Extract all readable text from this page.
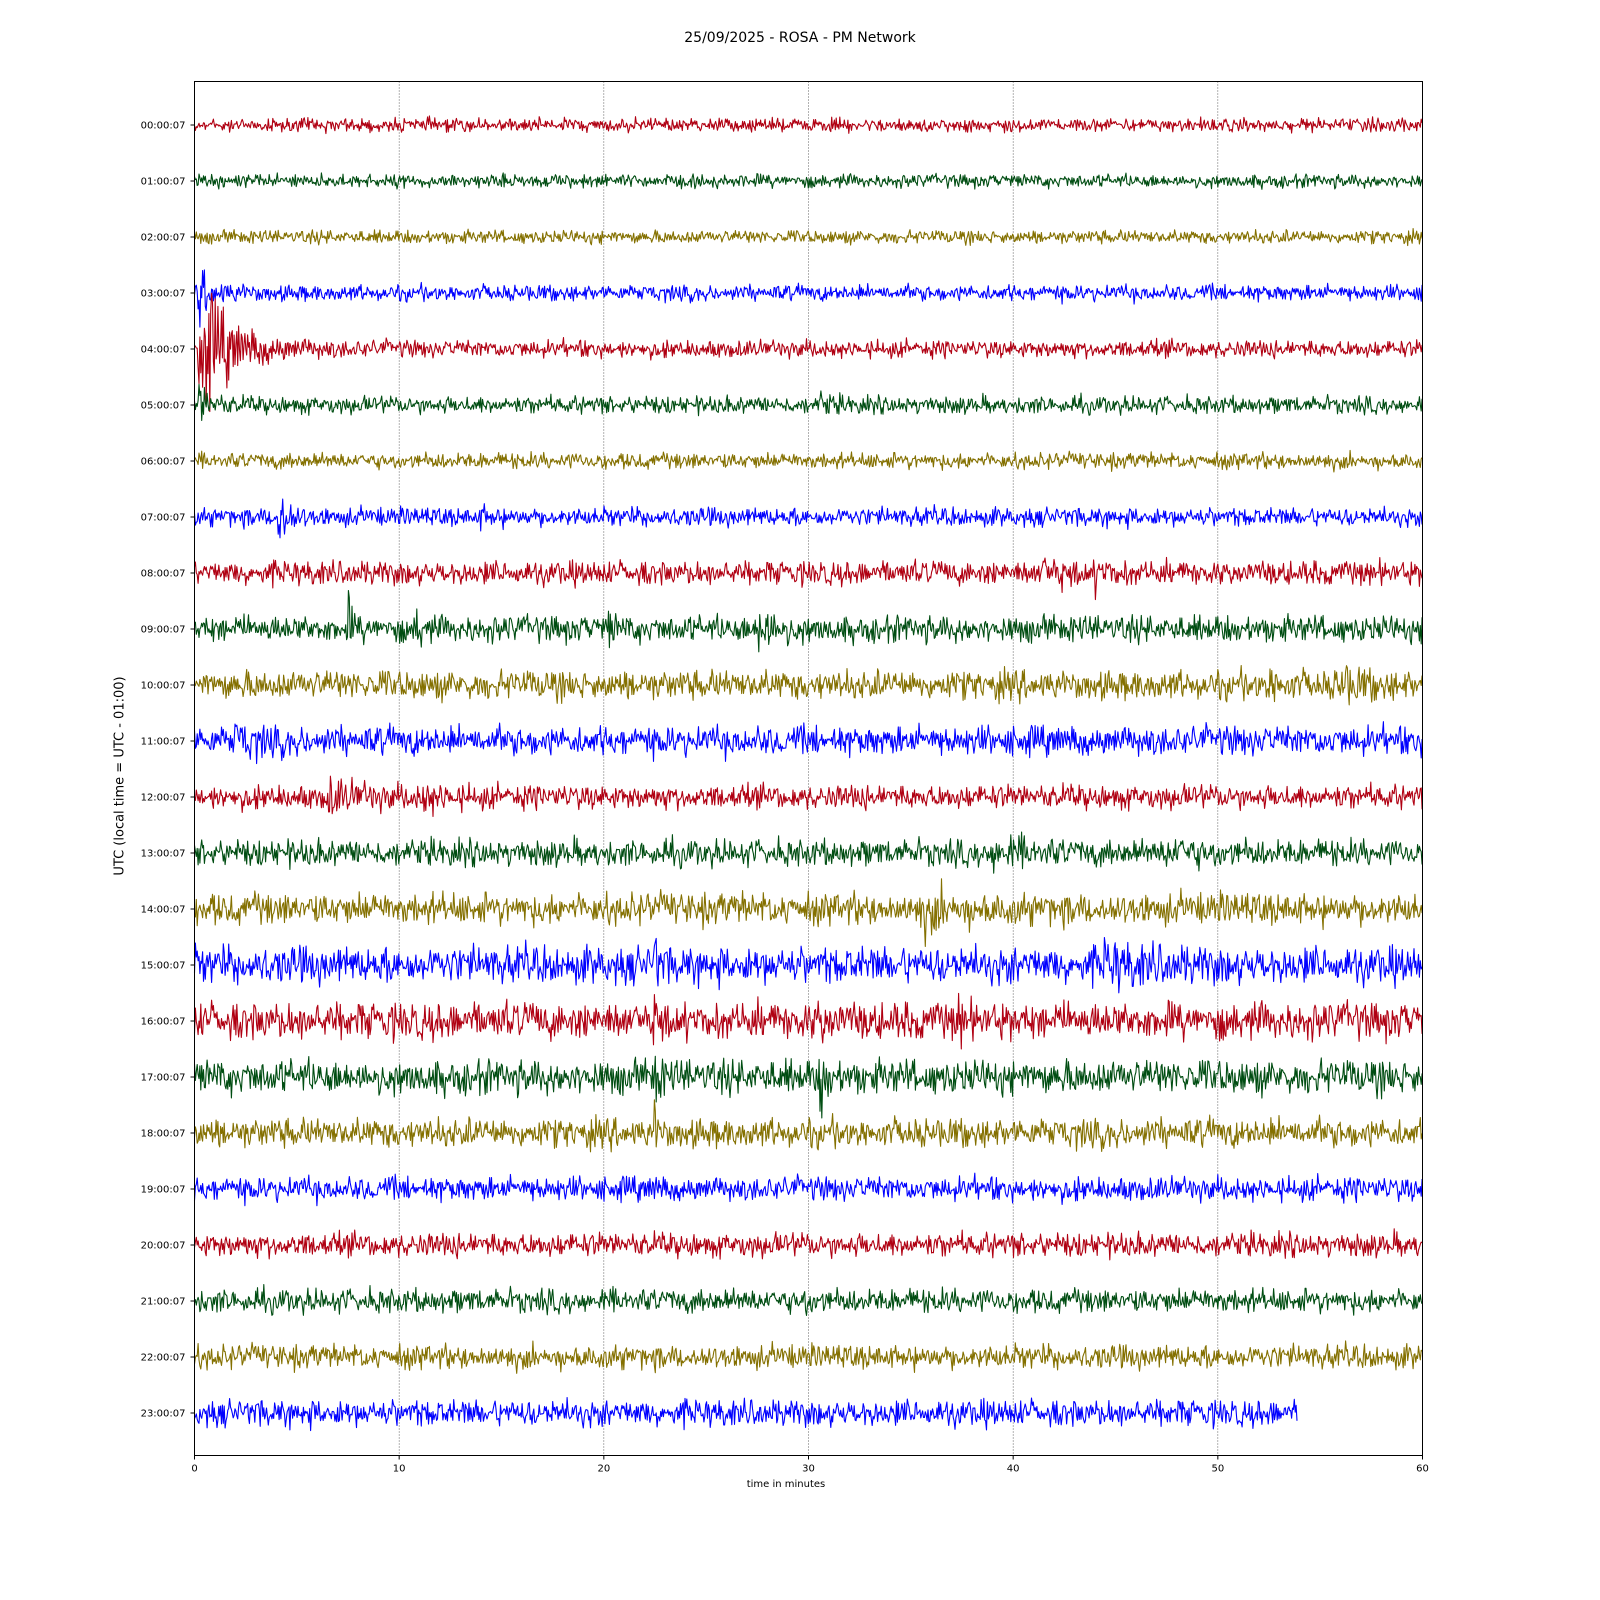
25/09/2025 - ROSA - PM Network
UTC (local time = UTC - 01:00)
time in minutes
0	10	20	30	40	50	60
00:00:07
01:00:07
02:00:07
03:00:07
04:00:07
05:00:07
06:00:07
07:00:07
08:00:07
09:00:07
10:00:07
11:00:07
12:00:07
13:00:07
14:00:07
15:00:07
16:00:07
17:00:07
18:00:07
19:00:07
20:00:07
21:00:07
22:00:07
23:00:07
